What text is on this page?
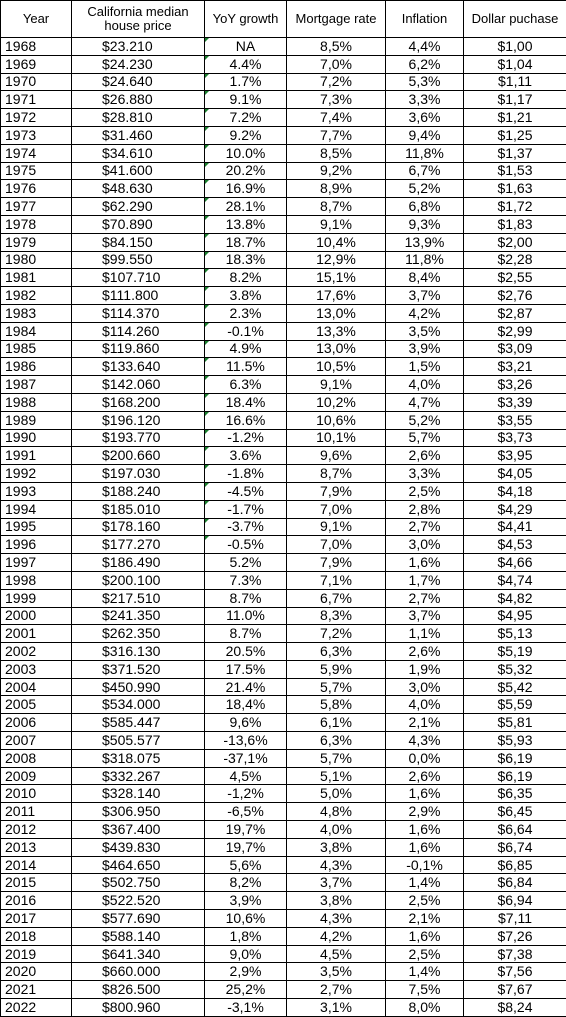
Year	California median house price	YoY growth	Mortgage rate	Inflation	Dollar puchase
1968	$23.210	NA	8,5%	4,4%	$1,00
1969	$24.230	4.4%	7,0%	6,2%	$1,04
1970	$24.640	1.7%	7,2%	5,3%	$1,11
1971	$26.880	9.1%	7,3%	3,3%	$1,17
1972	$28.810	7.2%	7,4%	3,6%	$1,21
1973	$31.460	9.2%	7,7%	9,4%	$1,25
1974	$34.610	10.0%	8,5%	11,8%	$1,37
1975	$41.600	20.2%	9,2%	6,7%	$1,53
1976	$48.630	16.9%	8,9%	5,2%	$1,63
1977	$62.290	28.1%	8,7%	6,8%	$1,72
1978	$70.890	13.8%	9,1%	9,3%	$1,83
1979	$84.150	18.7%	10,4%	13,9%	$2,00
1980	$99.550	18.3%	12,9%	11,8%	$2,28
1981	$107.710	8.2%	15,1%	8,4%	$2,55
1982	$111.800	3.8%	17,6%	3,7%	$2,76
1983	$114.370	2.3%	13,0%	4,2%	$2,87
1984	$114.260	-0.1%	13,3%	3,5%	$2,99
1985	$119.860	4.9%	13,0%	3,9%	$3,09
1986	$133.640	11.5%	10,5%	1,5%	$3,21
1987	$142.060	6.3%	9,1%	4,0%	$3,26
1988	$168.200	18.4%	10,2%	4,7%	$3,39
1989	$196.120	16.6%	10,6%	5,2%	$3,55
1990	$193.770	-1.2%	10,1%	5,7%	$3,73
1991	$200.660	3.6%	9,6%	2,6%	$3,95
1992	$197.030	-1.8%	8,7%	3,3%	$4,05
1993	$188.240	-4.5%	7,9%	2,5%	$4,18
1994	$185.010	-1.7%	7,0%	2,8%	$4,29
1995	$178.160	-3.7%	9,1%	2,7%	$4,41
1996	$177.270	-0.5%	7,0%	3,0%	$4,53
1997	$186.490	5.2%	7,9%	1,6%	$4,66
1998	$200.100	7.3%	7,1%	1,7%	$4,74
1999	$217.510	8.7%	6,7%	2,7%	$4,82
2000	$241.350	11.0%	8,3%	3,7%	$4,95
2001	$262.350	8.7%	7,2%	1,1%	$5,13
2002	$316.130	20.5%	6,3%	2,6%	$5,19
2003	$371.520	17.5%	5,9%	1,9%	$5,32
2004	$450.990	21.4%	5,7%	3,0%	$5,42
2005	$534.000	18,4%	5,8%	4,0%	$5,59
2006	$585.447	9,6%	6,1%	2,1%	$5,81
2007	$505.577	-13,6%	6,3%	4,3%	$5,93
2008	$318.075	-37,1%	5,7%	0,0%	$6,19
2009	$332.267	4,5%	5,1%	2,6%	$6,19
2010	$328.140	-1,2%	5,0%	1,6%	$6,35
2011	$306.950	-6,5%	4,8%	2,9%	$6,45
2012	$367.400	19,7%	4,0%	1,6%	$6,64
2013	$439.830	19,7%	3,8%	1,6%	$6,74
2014	$464.650	5,6%	4,3%	-0,1%	$6,85
2015	$502.750	8,2%	3,7%	1,4%	$6,84
2016	$522.520	3,9%	3,8%	2,5%	$6,94
2017	$577.690	10,6%	4,3%	2,1%	$7,11
2018	$588.140	1,8%	4,2%	1,6%	$7,26
2019	$641.340	9,0%	4,5%	2,5%	$7,38
2020	$660.000	2,9%	3,5%	1,4%	$7,56
2021	$826.500	25,2%	2,7%	7,5%	$7,67
2022	$800.960	-3,1%	3,1%	8,0%	$8,24
